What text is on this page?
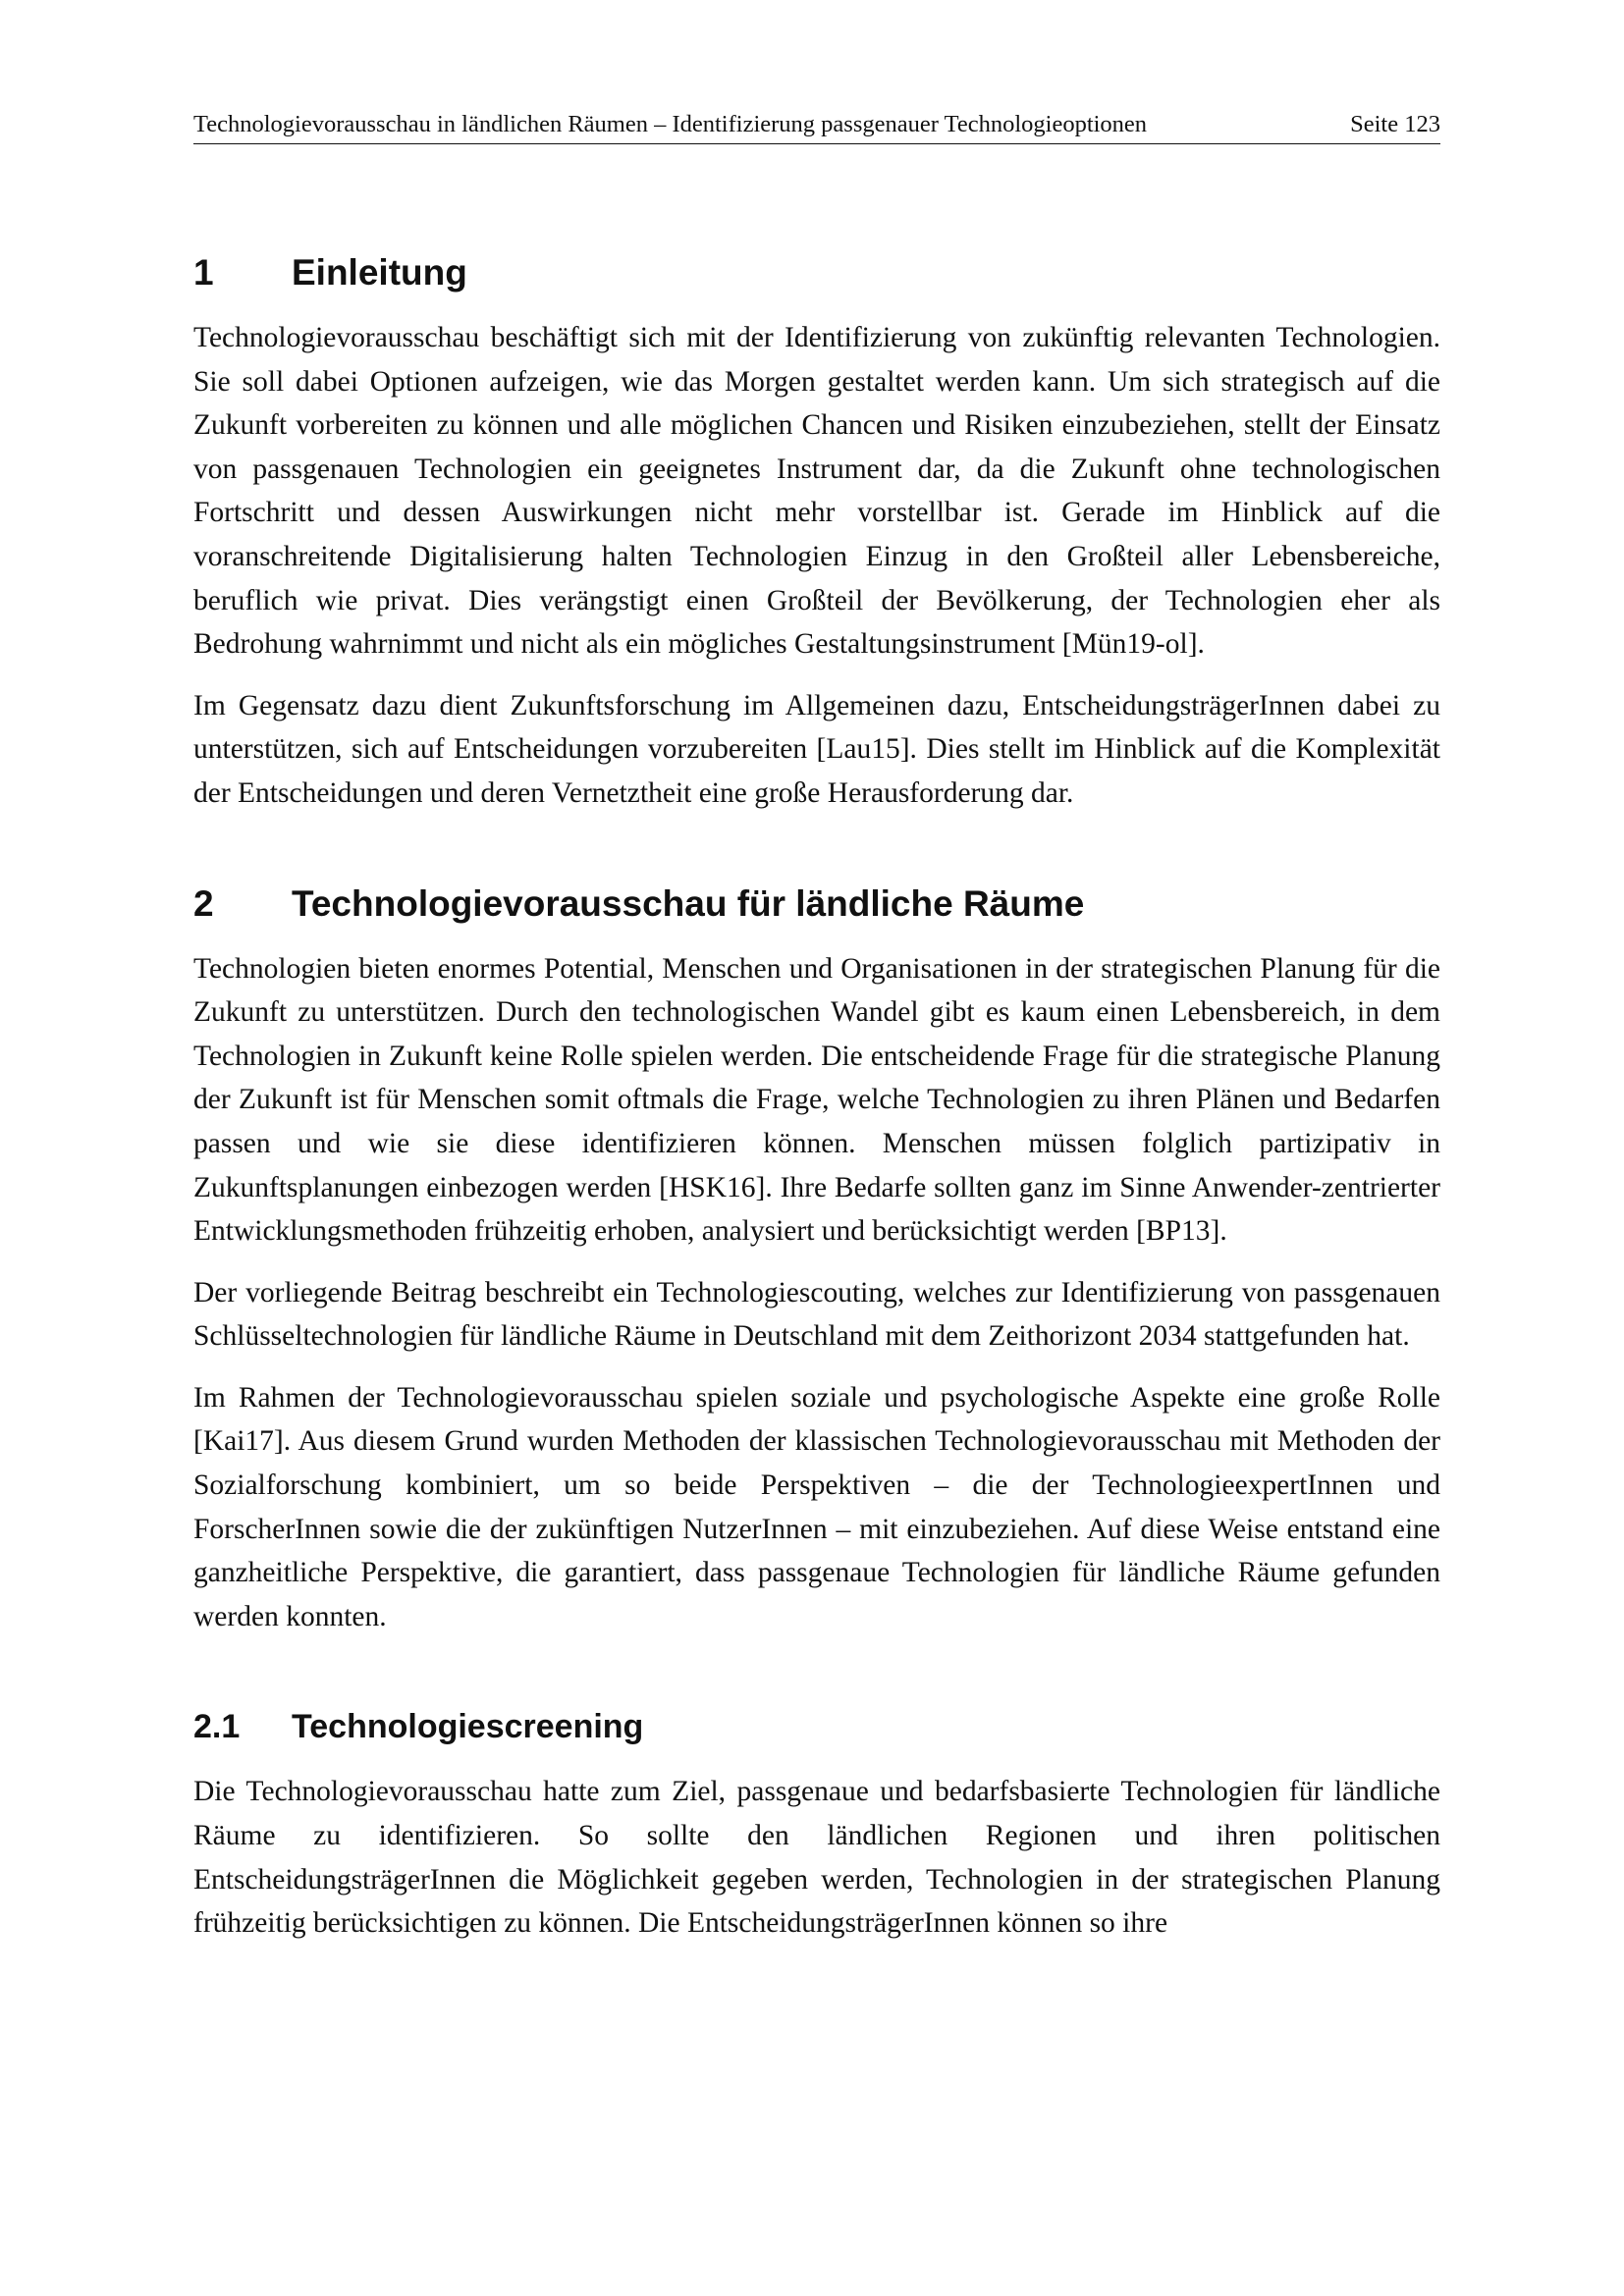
Technologievorausschau in ländlichen Räumen – Identifizierung passgenauer Technologieoptionen	Seite 123
1	Einleitung

Technologievorausschau beschäftigt sich mit der Identifizierung von zukünftig relevanten Technologien. Sie soll dabei Optionen aufzeigen, wie das Morgen gestaltet werden kann. Um sich strategisch auf die Zukunft vorbereiten zu können und alle möglichen Chancen und Risiken einzubeziehen, stellt der Einsatz von passgenauen Technologien ein geeignetes Instrument dar, da die Zukunft ohne technologischen Fortschritt und dessen Auswirkungen nicht mehr vorstellbar ist. Gerade im Hinblick auf die voranschreitende Digitalisierung halten Technologien Einzug in den Großteil aller Lebensbereiche, beruflich wie privat. Dies verängstigt einen Großteil der Bevölkerung, der Technologien eher als Bedrohung wahrnimmt und nicht als ein mögliches Gestaltungsinstrument [Mün19-ol].

Im Gegensatz dazu dient Zukunftsforschung im Allgemeinen dazu, EntscheidungsträgerInnen dabei zu unterstützen, sich auf Entscheidungen vorzubereiten [Lau15]. Dies stellt im Hinblick auf die Komplexität der Entscheidungen und deren Vernetztheit eine große Herausforderung dar.

2	Technologievorausschau für ländliche Räume

Technologien bieten enormes Potential, Menschen und Organisationen in der strategischen Planung für die Zukunft zu unterstützen. Durch den technologischen Wandel gibt es kaum einen Lebensbereich, in dem Technologien in Zukunft keine Rolle spielen werden. Die entscheidende Frage für die strategische Planung der Zukunft ist für Menschen somit oftmals die Frage, welche Technologien zu ihren Plänen und Bedarfen passen und wie sie diese identifizieren können. Menschen müssen folglich partizipativ in Zukunftsplanungen einbezogen werden [HSK16]. Ihre Bedarfe sollten ganz im Sinne Anwender-zentrierter Entwicklungsmethoden frühzeitig erhoben, analysiert und berücksichtigt werden [BP13].

Der vorliegende Beitrag beschreibt ein Technologiescouting, welches zur Identifizierung von passgenauen Schlüsseltechnologien für ländliche Räume in Deutschland mit dem Zeithorizont 2034 stattgefunden hat.

Im Rahmen der Technologievorausschau spielen soziale und psychologische Aspekte eine große Rolle [Kai17]. Aus diesem Grund wurden Methoden der klassischen Technologievorausschau mit Methoden der Sozialforschung kombiniert, um so beide Perspektiven – die der TechnologieexpertInnen und ForscherInnen sowie die der zukünftigen NutzerInnen – mit einzubeziehen. Auf diese Weise entstand eine ganzheitliche Perspektive, die garantiert, dass passgenaue Technologien für ländliche Räume gefunden werden konnten.

2.1	Technologiescreening

Die Technologievorausschau hatte zum Ziel, passgenaue und bedarfsbasierte Technologien für ländliche Räume zu identifizieren. So sollte den ländlichen Regionen und ihren politischen EntscheidungsträgerInnen die Möglichkeit gegeben werden, Technologien in der strategischen Planung frühzeitig berücksichtigen zu können. Die EntscheidungsträgerInnen können so ihre
